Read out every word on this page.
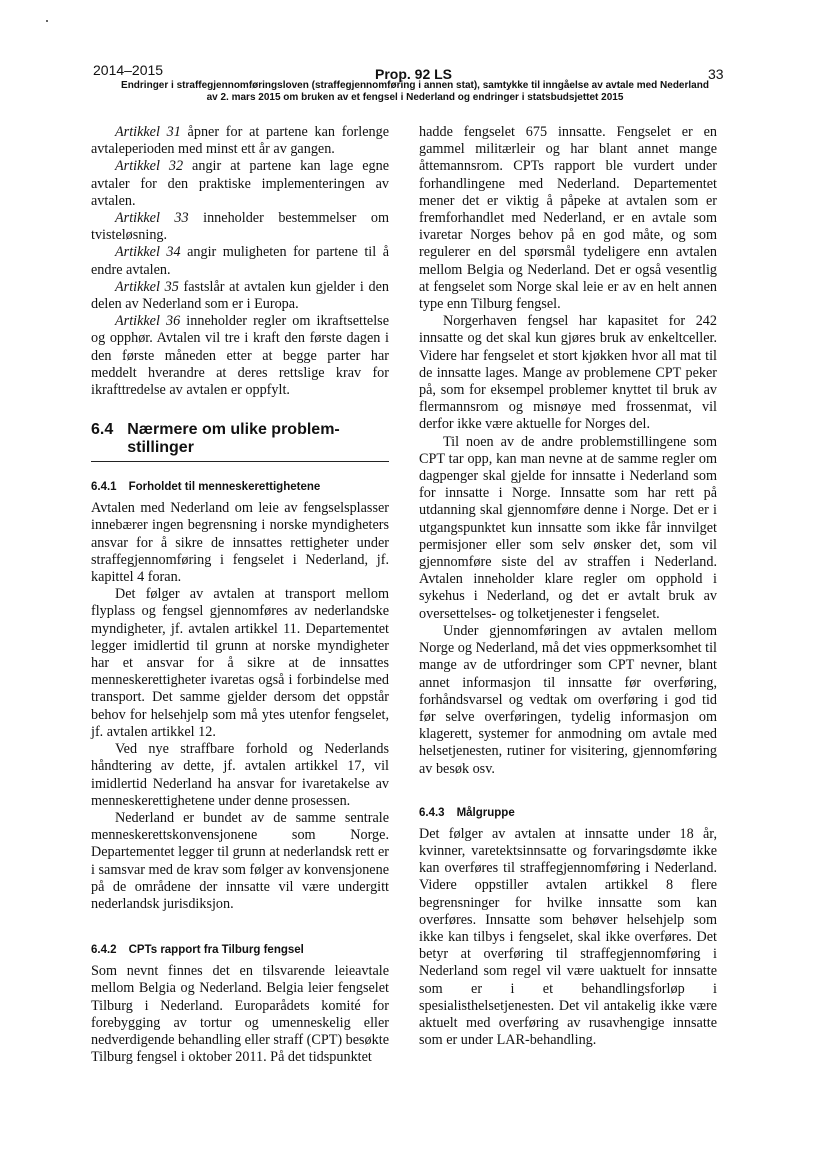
2014–2015	Prop. 92 LS	33
Endringer i straffegjennomføringsloven (straffegjennomføring i annen stat), samtykke til inngåelse av avtale med Nederland
av 2. mars 2015 om bruken av et fengsel i Nederland og endringer i statsbudsjettet 2015

Artikkel 31 åpner for at partene kan forlenge avtaleperioden med minst ett år av gangen.

Artikkel 32 angir at partene kan lage egne avtaler for den praktiske implementeringen av avtalen.

Artikkel 33 inneholder bestemmelser om tvisteløsning.

Artikkel 34 angir muligheten for partene til å endre avtalen.

Artikkel 35 fastslår at avtalen kun gjelder i den delen av Nederland som er i Europa.

Artikkel 36 inneholder regler om ikraftsettelse og opphør. Avtalen vil tre i kraft den første dagen i den første måneden etter at begge parter har meddelt hverandre at deres rettslige krav for ikrafttredelse av avtalen er oppfylt.

6.4 Nærmere om ulike problem-
stillinger
6.4.1 Forholdet til menneskerettighetene

Avtalen med Nederland om leie av fengselsplasser innebærer ingen begrensning i norske myndigheters ansvar for å sikre de innsattes rettigheter under straffegjennomføring i fengselet i Nederland, jf. kapittel 4 foran.

Det følger av avtalen at transport mellom flyplass og fengsel gjennomføres av nederlandske myndigheter, jf. avtalen artikkel 11. Departementet legger imidlertid til grunn at norske myndigheter har et ansvar for å sikre at de innsattes menneskerettigheter ivaretas også i forbindelse med transport. Det samme gjelder dersom det oppstår behov for helsehjelp som må ytes utenfor fengselet, jf. avtalen artikkel 12.

Ved nye straffbare forhold og Nederlands håndtering av dette, jf. avtalen artikkel 17, vil imidlertid Nederland ha ansvar for ivaretakelse av menneskerettighetene under denne prosessen.

Nederland er bundet av de samme sentrale menneskerettskonvensjonene som Norge. Departementet legger til grunn at nederlandsk rett er i samsvar med de krav som følger av konvensjonene på de områdene der innsatte vil være undergitt nederlandsk jurisdiksjon.

6.4.2 CPTs rapport fra Tilburg fengsel

Som nevnt finnes det en tilsvarende leieavtale mellom Belgia og Nederland. Belgia leier fengselet Tilburg i Nederland. Europarådets komité for forebygging av tortur og umenneskelig eller nedverdigende behandling eller straff (CPT) besøkte Tilburg fengsel i oktober 2011. På det tidspunktet

hadde fengselet 675 innsatte. Fengselet er en gammel militærleir og har blant annet mange åttemannsrom. CPTs rapport ble vurdert under forhandlingene med Nederland. Departementet mener det er viktig å påpeke at avtalen som er fremforhandlet med Nederland, er en avtale som ivaretar Norges behov på en god måte, og som regulerer en del spørsmål tydeligere enn avtalen mellom Belgia og Nederland. Det er også vesentlig at fengselet som Norge skal leie er av en helt annen type enn Tilburg fengsel.

Norgerhaven fengsel har kapasitet for 242 innsatte og det skal kun gjøres bruk av enkeltceller. Videre har fengselet et stort kjøkken hvor all mat til de innsatte lages. Mange av problemene CPT peker på, som for eksempel problemer knyttet til bruk av flermannsrom og misnøye med frossenmat, vil derfor ikke være aktuelle for Norges del.

Til noen av de andre problemstillingene som CPT tar opp, kan man nevne at de samme regler om dagpenger skal gjelde for innsatte i Nederland som for innsatte i Norge. Innsatte som har rett på utdanning skal gjennomføre denne i Norge. Det er i utgangspunktet kun innsatte som ikke får innvilget permisjoner eller som selv ønsker det, som vil gjennomføre siste del av straffen i Nederland. Avtalen inneholder klare regler om opphold i sykehus i Nederland, og det er avtalt bruk av oversettelses- og tolketjenester i fengselet.

Under gjennomføringen av avtalen mellom Norge og Nederland, må det vies oppmerksomhet til mange av de utfordringer som CPT nevner, blant annet informasjon til innsatte før overføring, forhåndsvarsel og vedtak om overføring i god tid før selve overføringen, tydelig informasjon om klagerett, systemer for anmodning om avtale med helsetjenesten, rutiner for visitering, gjennomføring av besøk osv.

6.4.3 Målgruppe

Det følger av avtalen at innsatte under 18 år, kvinner, varetektsinnsatte og forvaringsdømte ikke kan overføres til straffegjennomføring i Nederland. Videre oppstiller avtalen artikkel 8 flere begrensninger for hvilke innsatte som kan overføres. Innsatte som behøver helsehjelp som ikke kan tilbys i fengselet, skal ikke overføres. Det betyr at overføring til straffegjennomføring i Nederland som regel vil være uaktuelt for innsatte som er i et behandlingsforløp i spesialisthelsetjenesten. Det vil antakelig ikke være aktuelt med overføring av rusavhengige innsatte som er under LAR-behandling.
